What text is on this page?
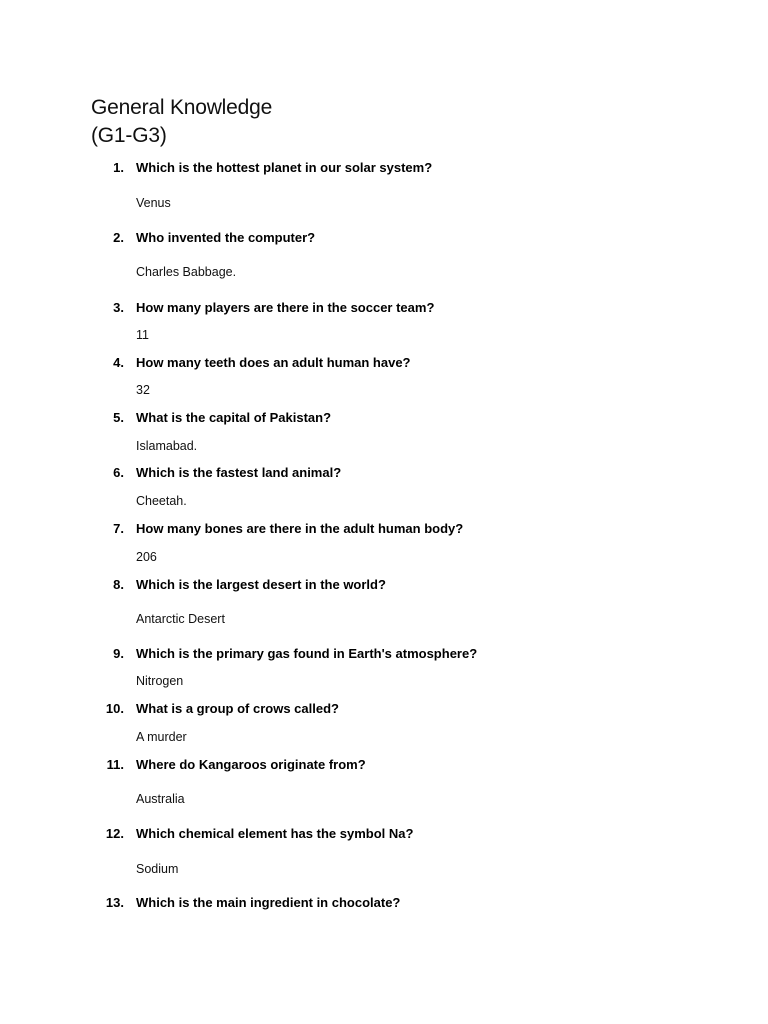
General Knowledge
(G1-G3)
1. Which is the hottest planet in our solar system?
Venus
2. Who invented the computer?
Charles Babbage.
3. How many players are there in the soccer team?
11
4. How many teeth does an adult human have?
32
5. What is the capital of Pakistan?
Islamabad.
6. Which is the fastest land animal?
Cheetah.
7. How many bones are there in the adult human body?
206
8. Which is the largest desert in the world?
Antarctic Desert
9. Which is the primary gas found in Earth's atmosphere?
Nitrogen
10. What is a group of crows called?
A murder
11. Where do Kangaroos originate from?
Australia
12. Which chemical element has the symbol Na?
Sodium
13. Which is the main ingredient in chocolate?
